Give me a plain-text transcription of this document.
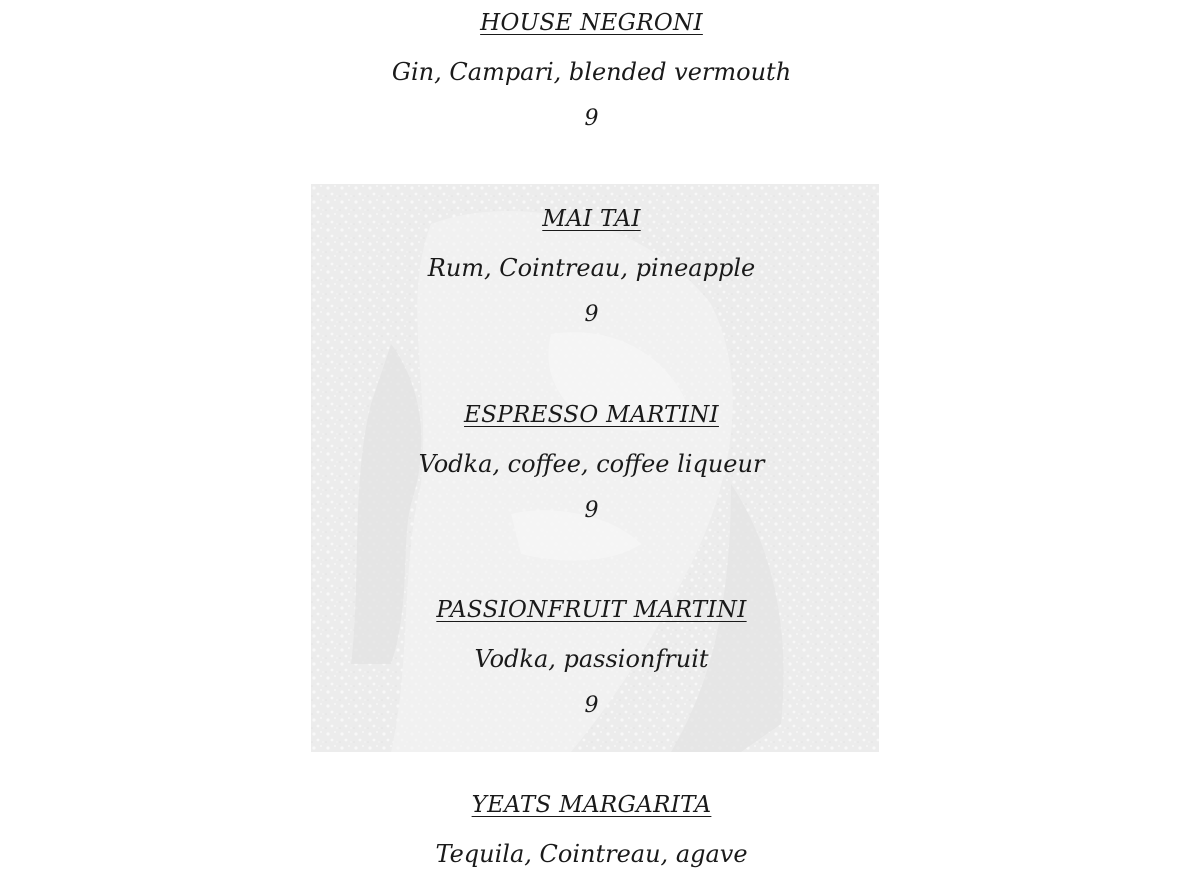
HOUSE NEGRONI
Gin, Campari, blended vermouth
9
MAI TAI
Rum, Cointreau, pineapple
9
ESPRESSO MARTINI
Vodka, coffee, coffee liqueur
9
PASSIONFRUIT MARTINI
Vodka, passionfruit
9
YEATS MARGARITA
Tequila, Cointreau, agave
